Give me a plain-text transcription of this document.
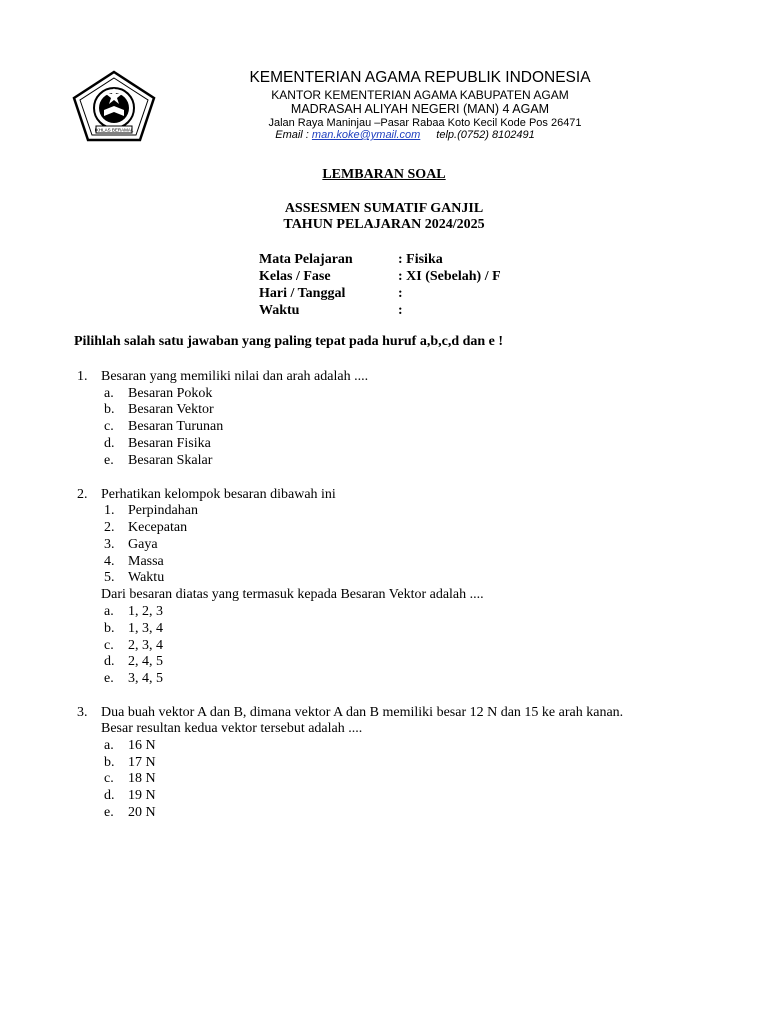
IKHLAS BERAMAL
KEMENTERIAN AGAMA REPUBLIK INDONESIA
KANTOR KEMENTERIAN AGAMA KABUPATEN AGAM
MADRASAH ALIYAH NEGERI (MAN) 4 AGAM
Jalan Raya Maninjau –Pasar Rabaa Koto Kecil Kode Pos 26471
Email : man.koke@ymail.com telp.(0752) 8102491
LEMBARAN SOAL
ASSESMEN SUMATIF GANJIL
TAHUN PELAJARAN 2024/2025
Mata Pelajaran	: Fisika
Kelas / Fase	: XI (Sebelah) / F
Hari / Tanggal	:
Waktu	:
Pilihlah salah satu jawaban yang paling tepat pada huruf a,b,c,d dan e !
1. Besaran yang memiliki nilai dan arah adalah ....
a. Besaran Pokok
b. Besaran Vektor
c. Besaran Turunan
d. Besaran Fisika
e. Besaran Skalar
2. Perhatikan kelompok besaran dibawah ini
1. Perpindahan
2. Kecepatan
3. Gaya
4. Massa
5. Waktu
Dari besaran diatas yang termasuk kepada Besaran Vektor adalah ....
a. 1, 2, 3
b. 1, 3, 4
c. 2, 3, 4
d. 2, 4, 5
e. 3, 4, 5
3. Dua buah vektor A dan B, dimana vektor A dan B memiliki besar 12 N dan 15 ke arah kanan.
Besar resultan kedua vektor tersebut adalah ....
a. 16 N
b. 17 N
c. 18 N
d. 19 N
e. 20 N
